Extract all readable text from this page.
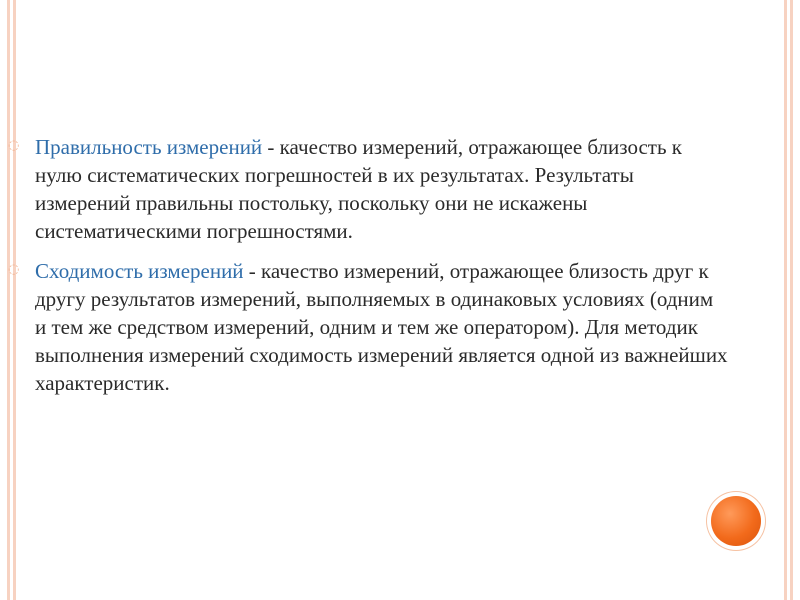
◌ Правильность измерений - качество измерений, отражающее близость к нулю систематических погрешностей в их результатах. Результаты измерений правильны постольку, поскольку они не искажены систематическими погрешностями.

◌ Сходимость измерений - качество измерений, отражающее близость друг к другу результатов измерений, выполняемых в одинаковых условиях (одним и тем же средством измерений, одним и тем же оператором). Для методик выполнения измерений сходимость измерений является одной из важнейших характеристик.
